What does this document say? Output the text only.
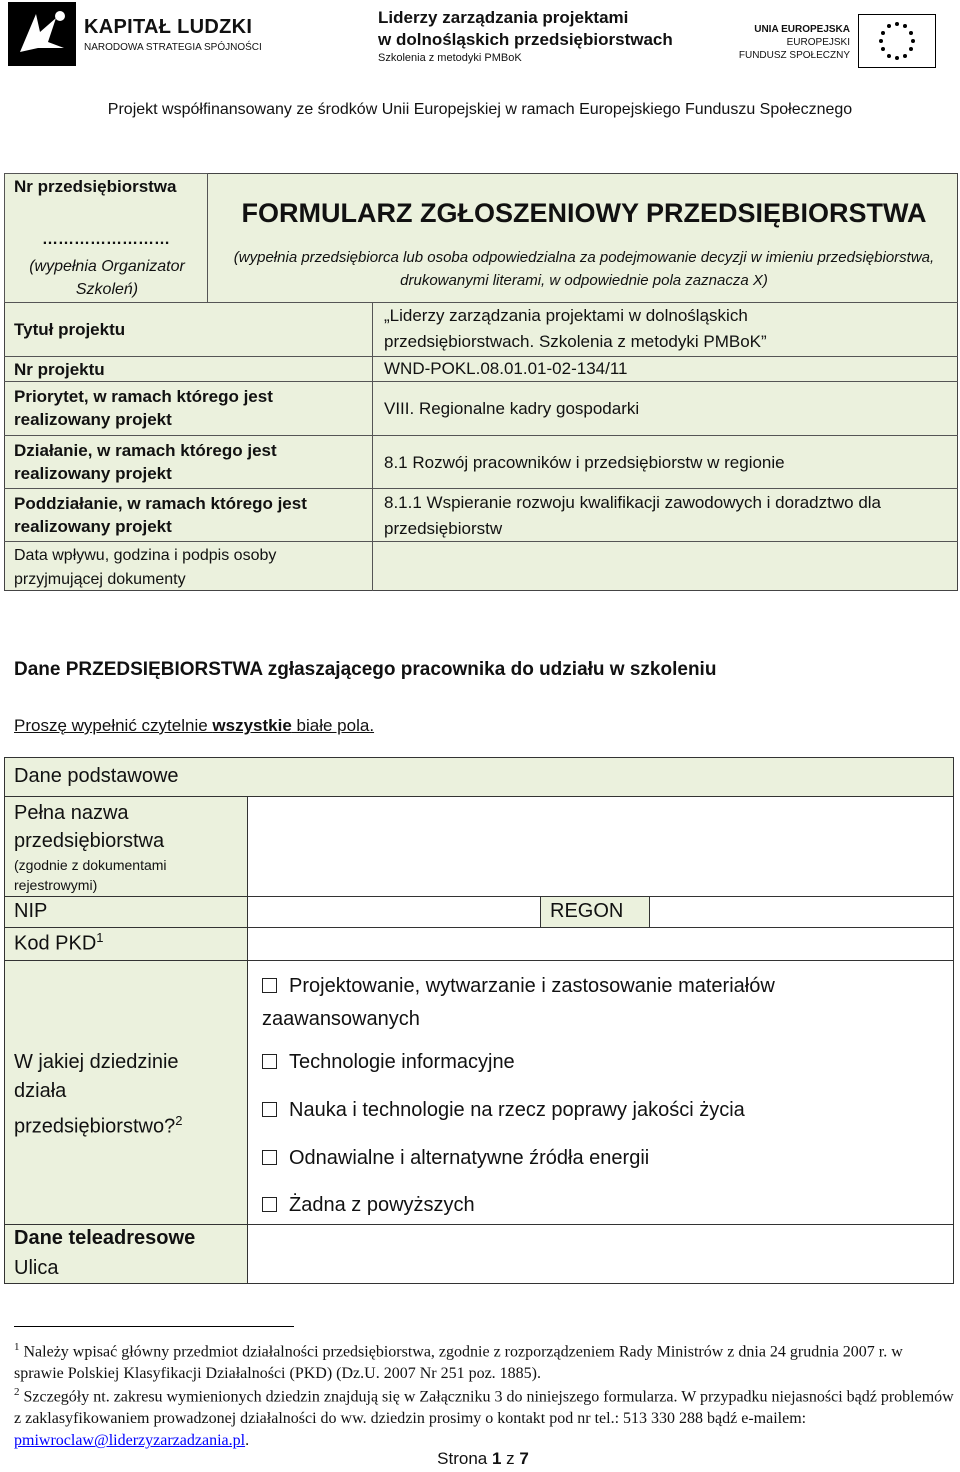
KAPITAŁ LUDZKI
NARODOWA STRATEGIA SPÓJNOŚCI
Liderzy zarządzania projektami
w dolnośląskich przedsiębiorstwach
Szkolenia z metodyki PMBoK
UNIA EUROPEJSKA
EUROPEJSKI
FUNDUSZ SPOŁECZNY
Projekt współfinansowany ze środków Unii Europejskiej w ramach Europejskiego Funduszu Społecznego
Nr przedsiębiorstwa
……………………
(wypełnia Organizator Szkoleń)
FORMULARZ ZGŁOSZENIOWY PRZEDSIĘBIORSTWA
(wypełnia przedsiębiorca lub osoba odpowiedzialna za podejmowanie decyzji w imieniu przedsiębiorstwa, drukowanymi literami, w odpowiednie pola zaznacza X)
Tytuł projektu
„Liderzy zarządzania projektami w dolnośląskich przedsiębiorstwach. Szkolenia z metodyki PMBoK”
Nr projektu	WND-POKL.08.01.01-02-134/11
Priorytet, w ramach którego jest realizowany projekt
VIII. Regionalne kadry gospodarki
Działanie, w ramach którego jest realizowany projekt
8.1 Rozwój pracowników i przedsiębiorstw w regionie
Poddziałanie, w ramach którego jest realizowany projekt
8.1.1 Wspieranie rozwoju kwalifikacji zawodowych i doradztwo dla przedsiębiorstw
Data wpływu, godzina i podpis osoby przyjmującej dokumenty
Dane PRZEDSIĘBIORSTWA zgłaszającego pracownika do udziału w szkoleniu
Proszę wypełnić czytelnie wszystkie białe pola.
Dane podstawowe
Pełna nazwa przedsiębiorstwa
(zgodnie z dokumentami rejestrowymi)
NIP	REGON
Kod PKD$^1$
W jakiej dziedzinie działa przedsiębiorstwo?$^2$
Projektowanie, wytwarzanie i zastosowanie materiałów
zaawansowanych
Technologie informacyjne
Nauka i technologie na rzecz poprawy jakości życia
Odnawialne i alternatywne źródła energii
Żadna z powyższych
Dane teleadresowe
Ulica
$^1$ Należy wpisać główny przedmiot działalności przedsiębiorstwa, zgodnie z rozporządzeniem Rady Ministrów z dnia 24 grudnia 2007 r. w sprawie Polskiej Klasyfikacji Działalności (PKD) (Dz.U. 2007 Nr 251 poz. 1885).
$^2$ Szczegóły nt. zakresu wymienionych dziedzin znajdują się w Załączniku 3 do niniejszego formularza. W przypadku niejasności bądź problemów z zaklasyfikowaniem prowadzonej działalności do ww. dziedzin prosimy o kontakt pod nr tel.: 513 330 288 bądź e-mailem: pmiwroclaw@liderzyzarzadzania.pl.
Strona 1 z 7
